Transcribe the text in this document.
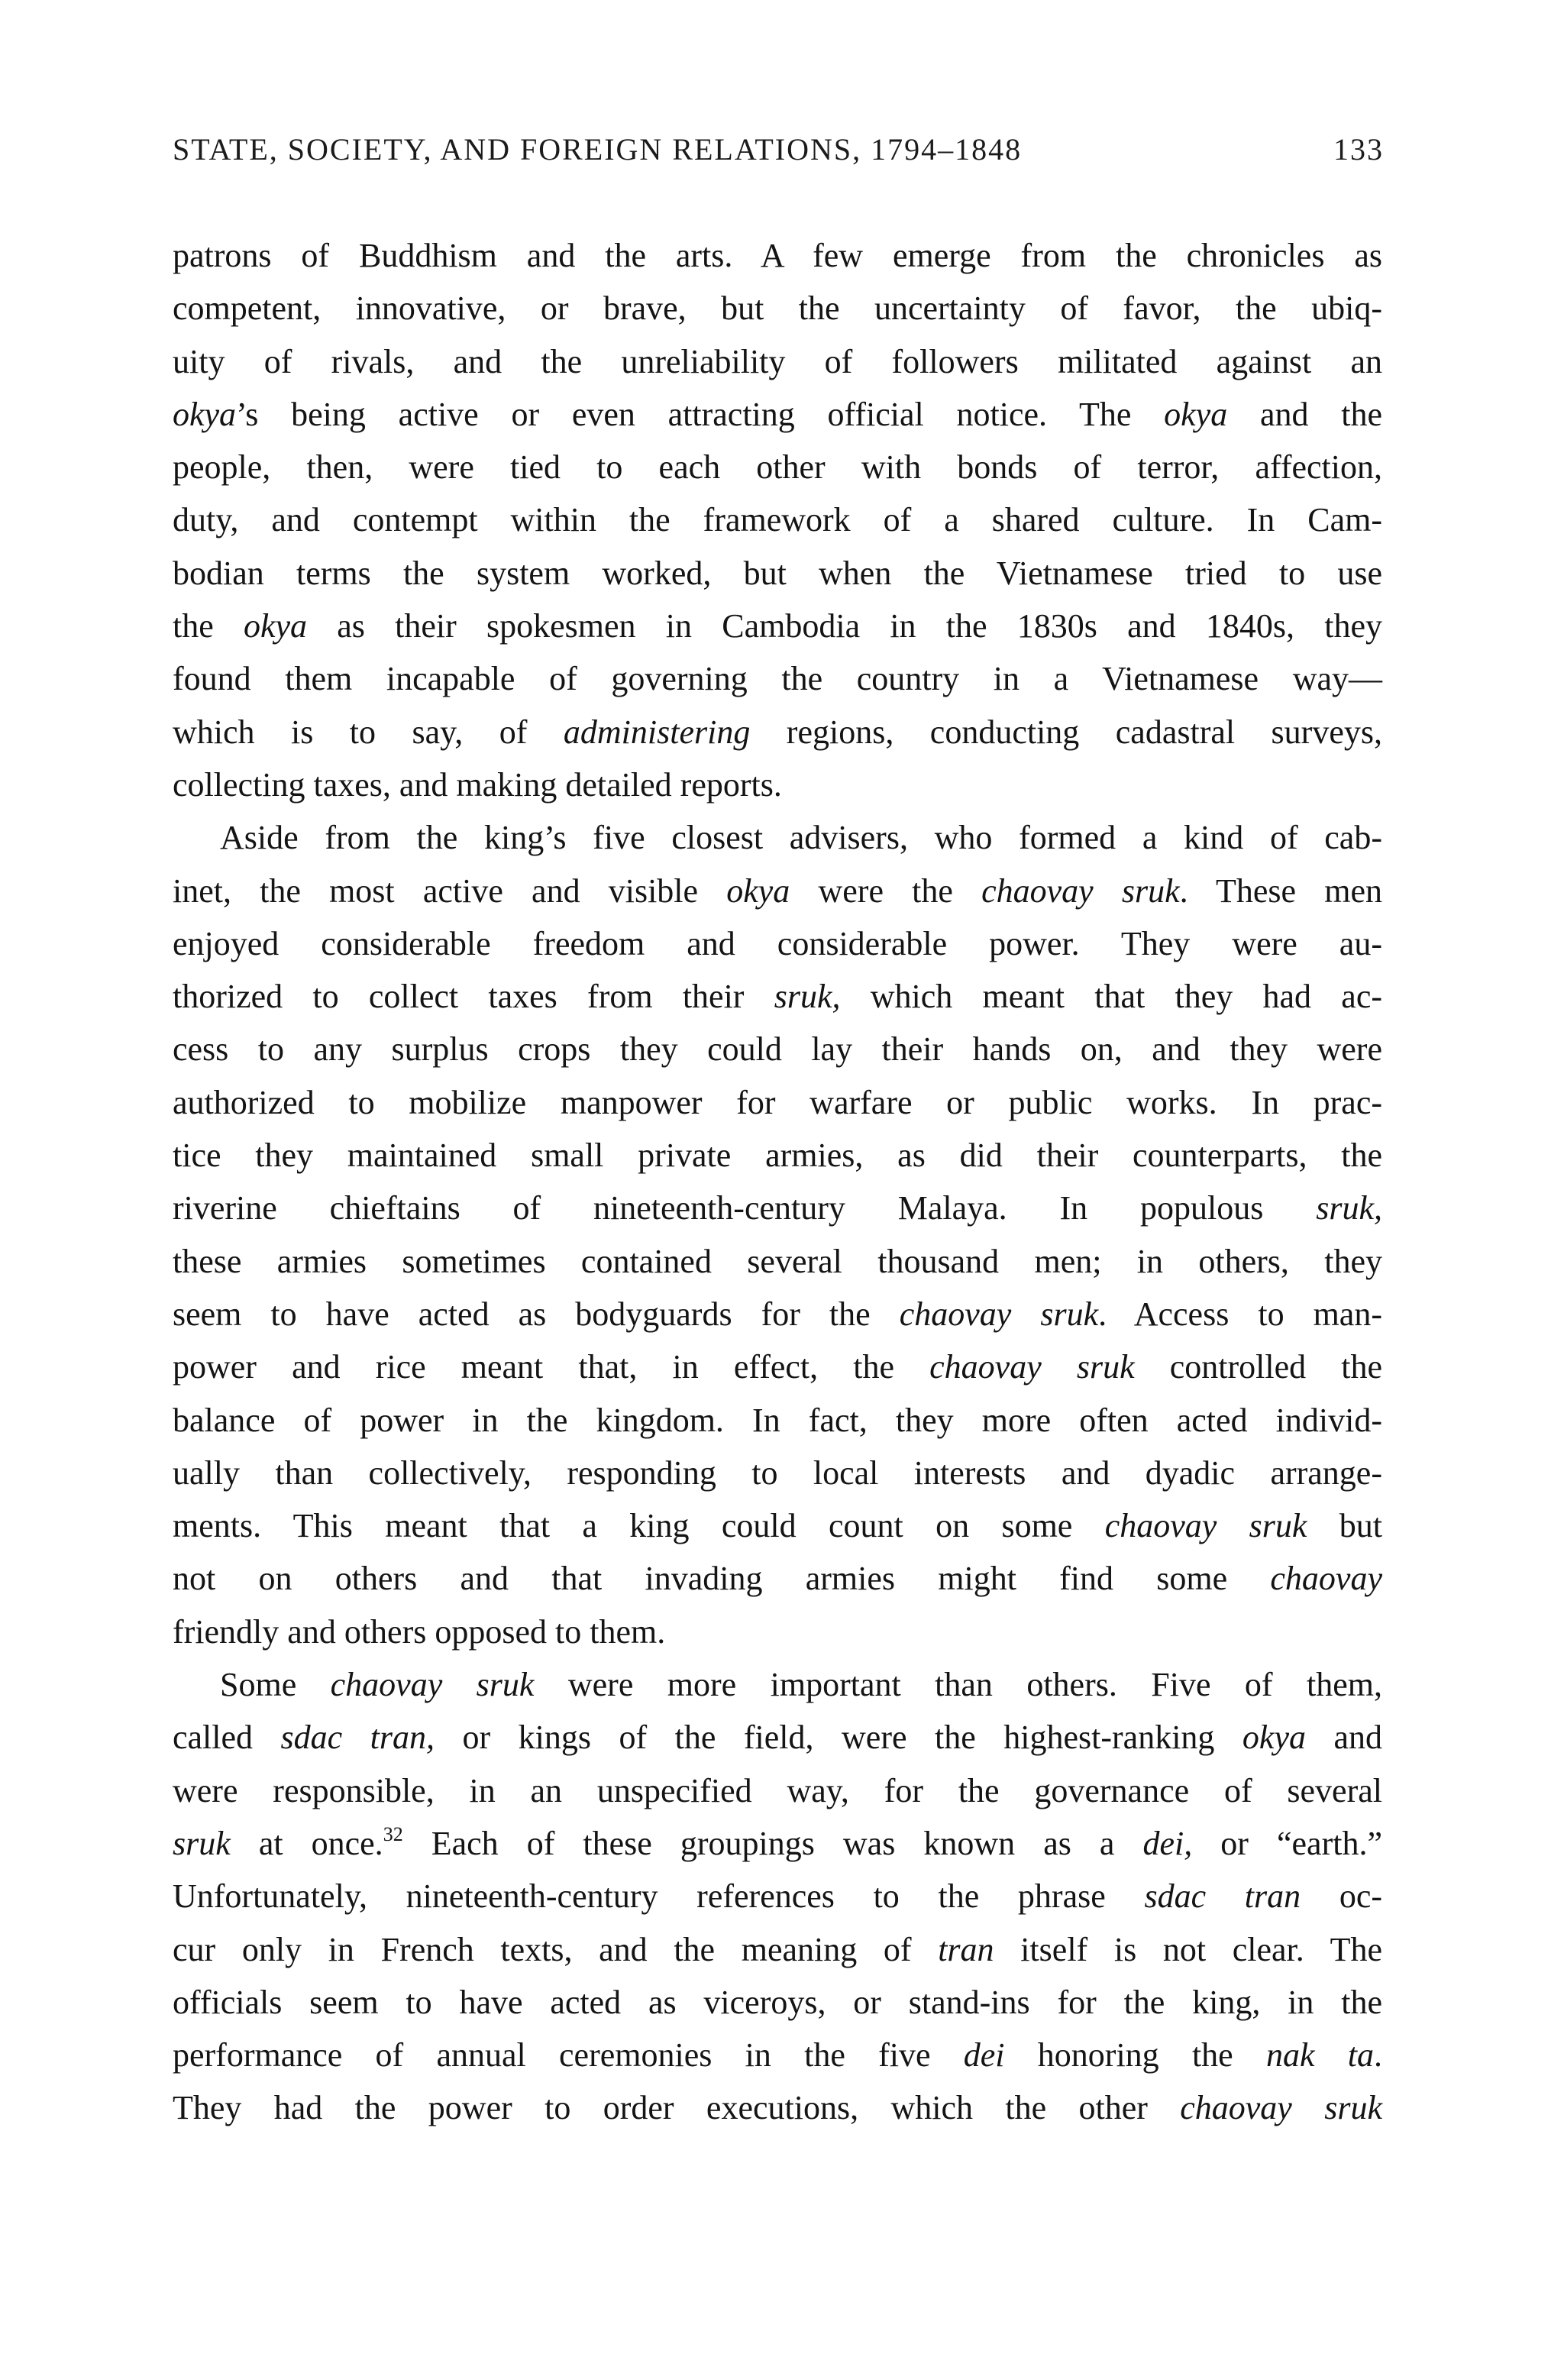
STATE, SOCIETY, AND FOREIGN RELATIONS, 1794–1848	133

patrons of Buddhism and the arts. A few emerge from the chronicles as
competent, innovative, or brave, but the uncertainty of favor, the ubiq-
uity of rivals, and the unreliability of followers militated against an
okya’s being active or even attracting official notice. The okya and the
people, then, were tied to each other with bonds of terror, affection,
duty, and contempt within the framework of a shared culture. In Cam-
bodian terms the system worked, but when the Vietnamese tried to use
the okya as their spokesmen in Cambodia in the 1830s and 1840s, they
found them incapable of governing the country in a Vietnamese way—
which is to say, of administering regions, conducting cadastral surveys,
collecting taxes, and making detailed reports.

Aside from the king’s five closest advisers, who formed a kind of cab-
inet, the most active and visible okya were the chaovay sruk. These men
enjoyed considerable freedom and considerable power. They were au-
thorized to collect taxes from their sruk, which meant that they had ac-
cess to any surplus crops they could lay their hands on, and they were
authorized to mobilize manpower for warfare or public works. In prac-
tice they maintained small private armies, as did their counterparts, the
riverine chieftains of nineteenth-century Malaya. In populous sruk,
these armies sometimes contained several thousand men; in others, they
seem to have acted as bodyguards for the chaovay sruk. Access to man-
power and rice meant that, in effect, the chaovay sruk controlled the
balance of power in the kingdom. In fact, they more often acted individ-
ually than collectively, responding to local interests and dyadic arrange-
ments. This meant that a king could count on some chaovay sruk but
not on others and that invading armies might find some chaovay
friendly and others opposed to them.

Some chaovay sruk were more important than others. Five of them,
called sdac tran, or kings of the field, were the highest-ranking okya and
were responsible, in an unspecified way, for the governance of several
sruk at once.$^{32}$ Each of these groupings was known as a dei, or “earth.”
Unfortunately, nineteenth-century references to the phrase sdac tran oc-
cur only in French texts, and the meaning of tran itself is not clear. The
officials seem to have acted as viceroys, or stand-ins for the king, in the
performance of annual ceremonies in the five dei honoring the nak ta.
They had the power to order executions, which the other chaovay sruk
